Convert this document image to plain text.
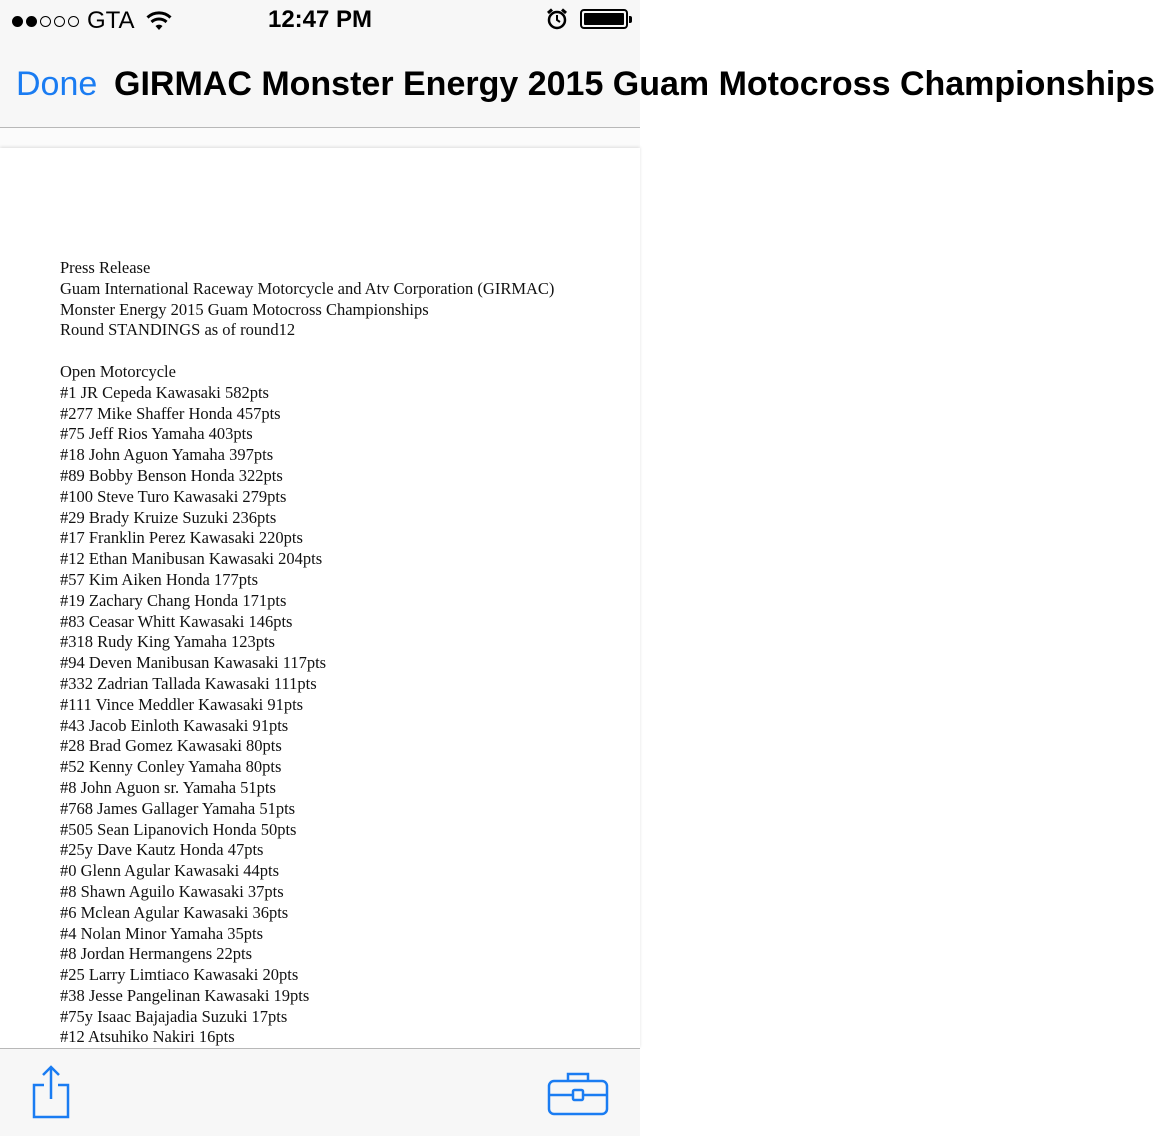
GTA	12:47 PM
Done GIRMAC Monster Energy 2015 Guam Motocross Championships
Press Release
Guam International Raceway Motorcycle and Atv Corporation (GIRMAC)
Monster Energy 2015 Guam Motocross Championships
Round STANDINGS as of round12
Open Motorcycle
#1 JR Cepeda Kawasaki 582pts
#277 Mike Shaffer Honda 457pts
#75 Jeff Rios Yamaha 403pts
#18 John Aguon Yamaha 397pts
#89 Bobby Benson Honda 322pts
#100 Steve Turo Kawasaki 279pts
#29 Brady Kruize Suzuki 236pts
#17 Franklin Perez Kawasaki 220pts
#12 Ethan Manibusan Kawasaki 204pts
#57 Kim Aiken Honda 177pts
#19 Zachary Chang Honda 171pts
#83 Ceasar Whitt Kawasaki 146pts
#318 Rudy King Yamaha 123pts
#94 Deven Manibusan Kawasaki 117pts
#332 Zadrian Tallada Kawasaki 111pts
#111 Vince Meddler Kawasaki 91pts
#43 Jacob Einloth Kawasaki 91pts
#28 Brad Gomez Kawasaki 80pts
#52 Kenny Conley Yamaha 80pts
#8 John Aguon sr. Yamaha 51pts
#768 James Gallager Yamaha 51pts
#505 Sean Lipanovich Honda 50pts
#25y Dave Kautz Honda 47pts
#0 Glenn Agular Kawasaki 44pts
#8 Shawn Aguilo Kawasaki 37pts
#6 Mclean Agular Kawasaki 36pts
#4 Nolan Minor Yamaha 35pts
#8 Jordan Hermangens 22pts
#25 Larry Limtiaco Kawasaki 20pts
#38 Jesse Pangelinan Kawasaki 19pts
#75y Isaac Bajajadia Suzuki 17pts
#12 Atsuhiko Nakiri 16pts
